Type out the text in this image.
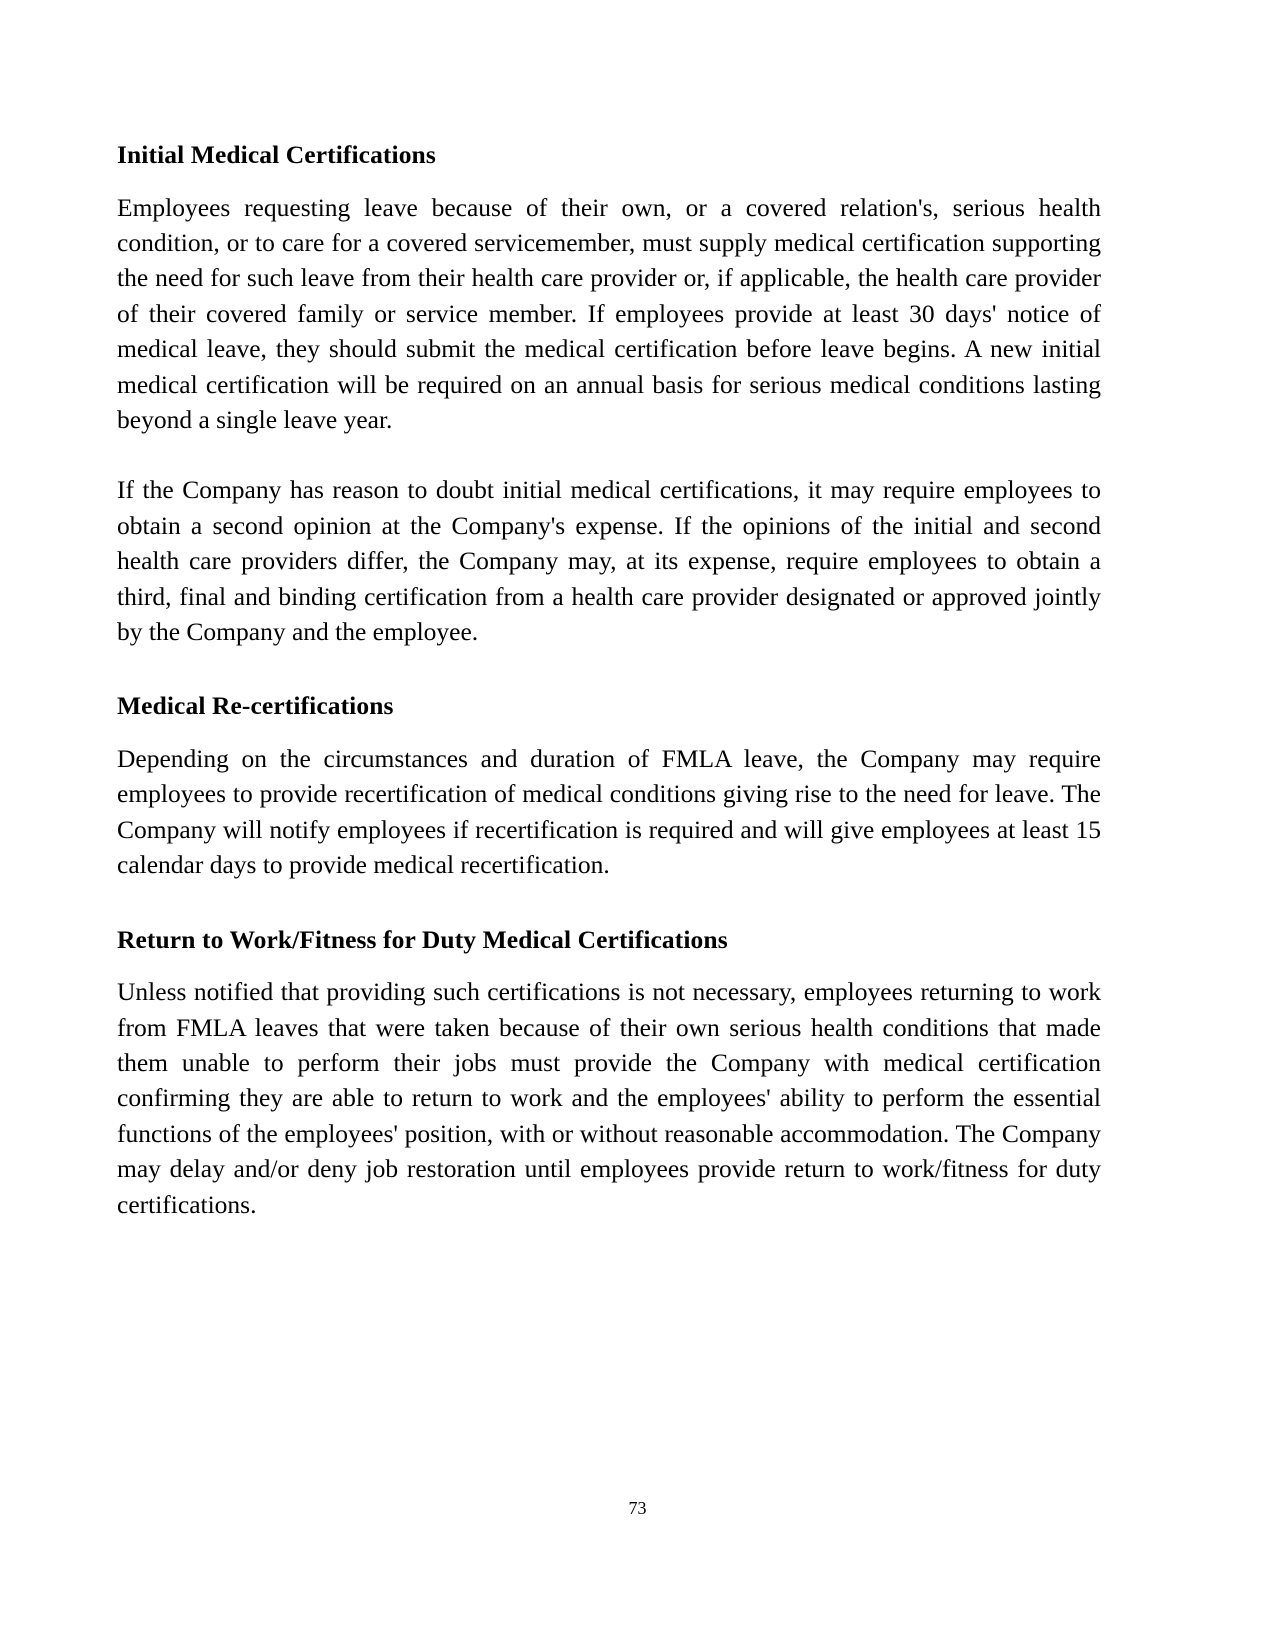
Initial Medical Certifications

Employees requesting leave because of their own, or a covered relation's, serious health condition, or to care for a covered servicemember, must supply medical certification supporting the need for such leave from their health care provider or, if applicable, the health care provider of their covered family or service member. If employees provide at least 30 days' notice of medical leave, they should submit the medical certification before leave begins. A new initial medical certification will be required on an annual basis for serious medical conditions lasting beyond a single leave year.

If the Company has reason to doubt initial medical certifications, it may require employees to obtain a second opinion at the Company's expense. If the opinions of the initial and second health care providers differ, the Company may, at its expense, require employees to obtain a third, final and binding certification from a health care provider designated or approved jointly by the Company and the employee.

Medical Re-certifications

Depending on the circumstances and duration of FMLA leave, the Company may require employees to provide recertification of medical conditions giving rise to the need for leave. The Company will notify employees if recertification is required and will give employees at least 15 calendar days to provide medical recertification.

Return to Work/Fitness for Duty Medical Certifications

Unless notified that providing such certifications is not necessary, employees returning to work from FMLA leaves that were taken because of their own serious health conditions that made them unable to perform their jobs must provide the Company with medical certification confirming they are able to return to work and the employees' ability to perform the essential functions of the employees' position, with or without reasonable accommodation. The Company may delay and/or deny job restoration until employees provide return to work/fitness for duty certifications.

73
